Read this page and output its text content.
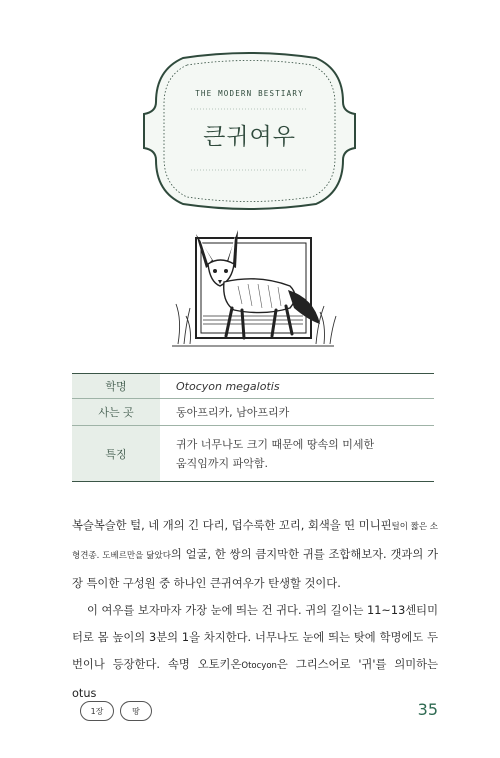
THE MODERN BESTIARY
큰귀여우
학명	Otocyon megalotis
사는 곳	동아프리카, 남아프리카
특징
귀가 너무나도 크기 때문에 땅속의 미세한
움직임까지 파악함.

복슬복슬한 털, 네 개의 긴 다리, 덥수룩한 꼬리, 회색을 띤 미니핀털이 짧은 소형견종. 도베르만을 닮았다의 얼굴, 한 쌍의 큼지막한 귀를 조합해보자. 갯과의 가장 특이한 구성원 중 하나인 큰귀여우가 탄생할 것이다.

이 여우를 보자마자 가장 눈에 띄는 건 귀다. 귀의 길이는 11~13센티미터로 몸 높이의 3분의 1을 차지한다. 너무나도 눈에 띄는 탓에 학명에도 두 번이나 등장한다. 속명 오토키온Otocyon은 그리스어로 '귀'를 의미하는 otus

1장	땅	35
